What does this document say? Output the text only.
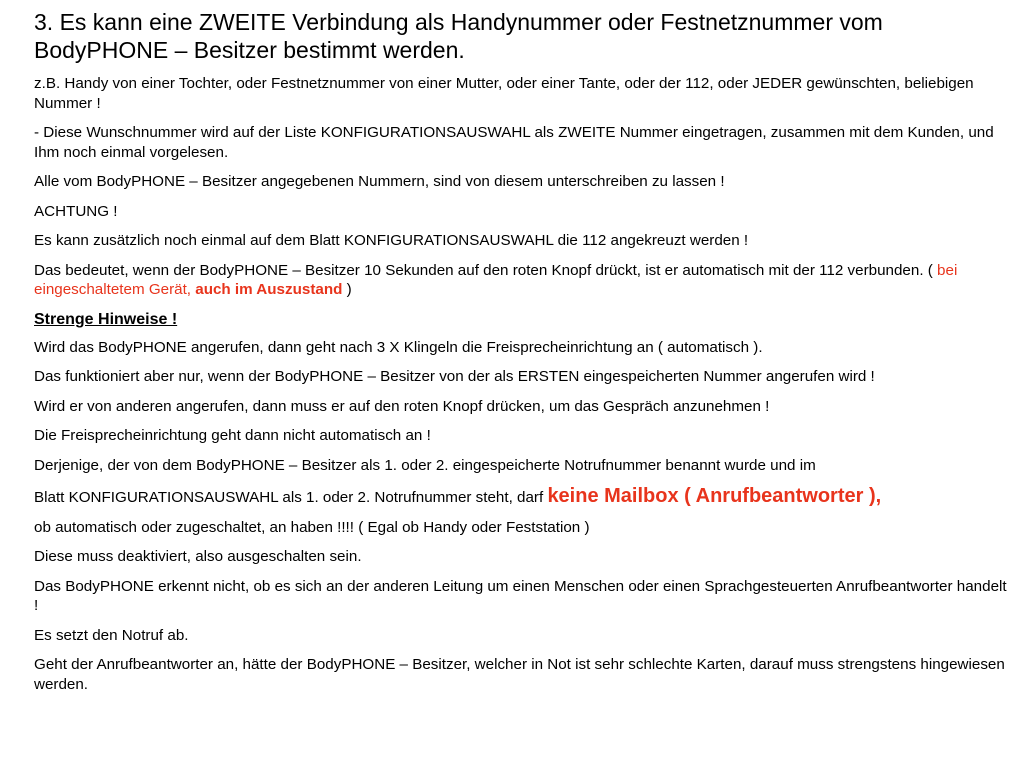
3. Es kann eine ZWEITE Verbindung als Handynummer oder Festnetznummer vom BodyPHONE – Besitzer bestimmt werden.
z.B. Handy von einer Tochter, oder Festnetznummer von einer Mutter, oder einer Tante, oder der 112, oder JEDER gewünschten, beliebigen Nummer !
- Diese Wunschnummer wird auf der Liste KONFIGURATIONSAUSWAHL als ZWEITE Nummer eingetragen, zusammen mit dem Kunden, und Ihm noch einmal vorgelesen.
Alle vom BodyPHONE – Besitzer angegebenen Nummern, sind von diesem unterschreiben zu lassen !
ACHTUNG !
Es kann zusätzlich noch einmal auf dem Blatt KONFIGURATIONSAUSWAHL die 112 angekreuzt werden !
Das bedeutet, wenn der BodyPHONE – Besitzer 10 Sekunden auf den roten Knopf drückt, ist er automatisch mit der 112 verbunden. ( bei eingeschaltetem Gerät, auch im Auszustand )
Strenge Hinweise !
Wird das BodyPHONE angerufen, dann geht nach 3 X Klingeln die Freisprecheinrichtung an ( automatisch ).
Das funktioniert aber nur, wenn der BodyPHONE – Besitzer von der als ERSTEN eingespeicherten Nummer angerufen wird !
Wird er von anderen angerufen, dann muss er auf den roten Knopf drücken, um das Gespräch anzunehmen !
Die Freisprecheinrichtung geht dann nicht automatisch an !
Derjenige, der von dem BodyPHONE – Besitzer als 1. oder 2. eingespeicherte Notrufnummer benannt wurde und im
Blatt KONFIGURATIONSAUSWAHL als 1. oder 2. Notrufnummer steht, darf keine Mailbox ( Anrufbeantworter ),
ob automatisch oder zugeschaltet, an haben !!!! ( Egal ob Handy oder Feststation )
Diese muss deaktiviert, also ausgeschalten sein.
Das BodyPHONE erkennt nicht, ob es sich an der anderen Leitung um einen Menschen oder einen Sprachgesteuerten Anrufbeantworter handelt !
Es setzt den Notruf ab.
Geht der Anrufbeantworter an, hätte der BodyPHONE – Besitzer, welcher in Not ist sehr schlechte Karten, darauf muss strengstens hingewiesen werden.
